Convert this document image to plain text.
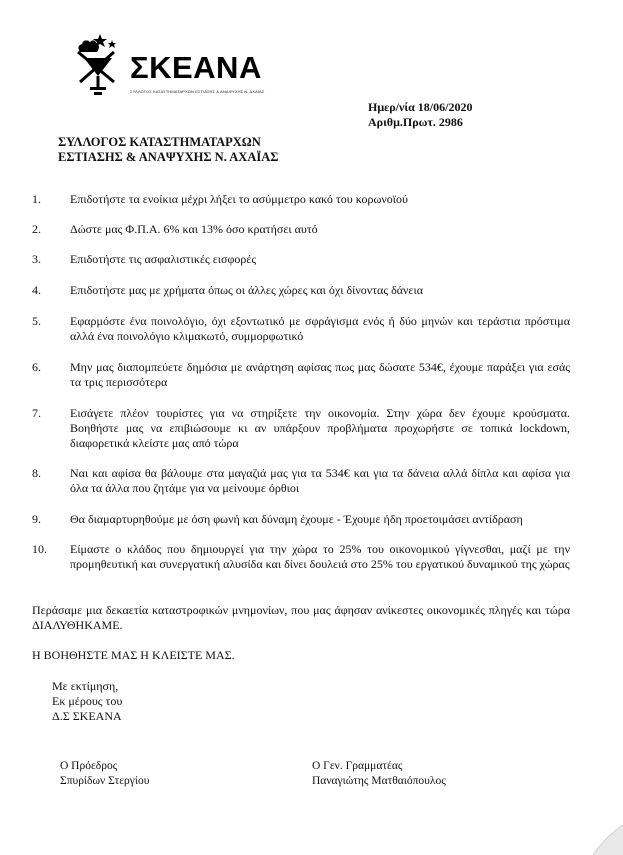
ΣΚΕΑΝΑ
ΣΥΛΛΟΓΟΣ ΚΑΤΑΣΤΗΜΑΤΑΡΧΩΝ ΕΣΤΙΑΣΗΣ & ΑΝΑΨΥΧΗΣ Ν. ΑΧΑΪΑΣ
Ημερ/νία 18/06/2020
Αριθμ.Πρωτ. 2986
ΣΥΛΛΟΓΟΣ ΚΑΤΑΣΤΗΜΑΤΑΡΧΩΝ
ΕΣΤΙΑΣΗΣ & ΑΝΑΨΥΧΗΣ Ν. ΑΧΑΪΑΣ
1.	Επιδοτήστε τα ενοίκια μέχρι λήξει το ασύμμετρο κακό του κορωνοϊού
2.	Δώστε μας Φ.Π.Α. 6% και 13% όσο κρατήσει αυτό
3.	Επιδοτήστε τις ασφαλιστικές εισφορές
4.	Επιδοτήστε μας με χρήματα όπως οι άλλες χώρες και όχι δίνοντας δάνεια
5.	Εφαρμόστε ένα ποινολόγιο, όχι εξοντωτικό με σφράγισμα ενός ή δύο μηνών και τεράστια πρόστιμα αλλά ένα ποινολόγιο κλιμακωτό, συμμορφωτικό
6.	Μην μας διαπομπεύετε δημόσια με ανάρτηση αφίσας πως μας δώσατε 534€, έχουμε παράξει για εσάς τα τρις περισσότερα
7.	Εισάγετε πλέον τουρίστες για να στηρίξετε την οικονομία. Στην χώρα δεν έχουμε κρούσματα. Βοηθήστε μας να επιβιώσουμε κι αν υπάρξουν προβλήματα προχωρήστε σε τοπικά lockdown, διαφορετικά κλείστε μας από τώρα
8.	Ναι και αφίσα θα βάλουμε στα μαγαζιά μας για τα 534€ και για τα δάνεια αλλά δίπλα και αφίσα για όλα τα άλλα που ζητάμε για να μείνουμε όρθιοι
9.	Θα διαμαρτυρηθούμε με όση φωνή και δύναμη έχουμε - Έχουμε ήδη προετοιμάσει αντίδραση
10.	Είμαστε ο κλάδος που δημιουργεί για την χώρα το 25% του οικονομικού γίγνεσθαι, μαζί με την προμηθευτική και συνεργατική αλυσίδα και δίνει δουλειά στο 25% του εργατικού δυναμικού της χώρας
Περάσαμε μια δεκαετία καταστροφικών μνημονίων, που μας άφησαν ανίκεστες οικονομικές πληγές και τώρα ΔΙΑΛΥΘΗΚΑΜΕ.
Η ΒΟΗΘΗΣΤΕ ΜΑΣ Η ΚΛΕΙΣΤΕ ΜΑΣ.
Με εκτίμηση,
Εκ μέρους του
Δ.Σ ΣΚΕΑΝΑ
Ο Πρόεδρος
Σπυρίδων Στεργίου
Ο Γεν. Γραμματέας
Παναγιώτης Ματθαιόπουλος
